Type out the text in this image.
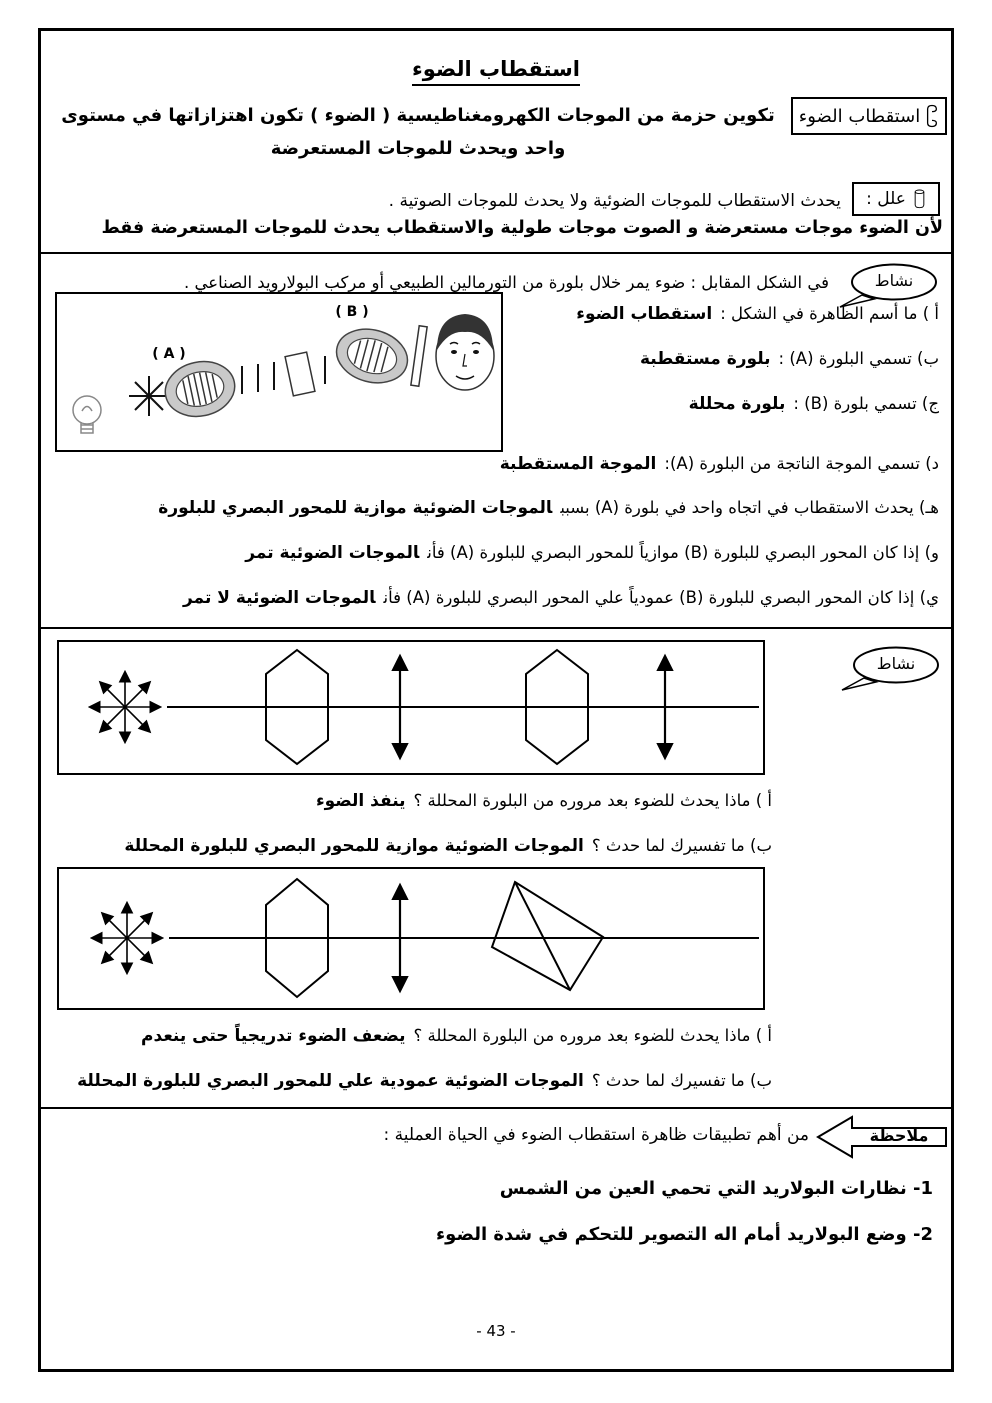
استقطاب الضوء
استقطاب الضوء
تكوين حزمة من الموجات الكهرومغناطيسية ( الضوء ) تكون اهتزازاتها في مستوى واحد ويحدث للموجات المستعرضة
علل :
يحدث الاستقطاب للموجات الضوئية ولا يحدث للموجات الصوتية .
لأن الضوء موجات مستعرضة و الصوت موجات طولية والاستقطاب يحدث للموجات المستعرضة فقط
نشاط
في الشكل المقابل : ضوء يمر خلال بلورة من التورمالين الطبيعي أو مركب البولارويد الصناعي .
( A )
( B )	أ ) ما أسم الظاهرة في الشكل :استقطاب الضوء
ب) تسمي البلورة (A) :بلورة مستقطبة
ج) تسمي بلورة (B) :بلورة محللة
د) تسمي الموجة الناتجة من البلورة (A):الموجة المستقطبة
هـ) يحدث الاستقطاب في اتجاه واحد في بلورة (A) بسببالموجات الضوئية موازية للمحور البصري للبلورة
و) إذا كان المحور البصري للبلورة (B) موازياً للمحور البصري للبلورة (A) فأنالموجات الضوئية تمر
ي) إذا كان المحور البصري للبلورة (B) عمودياً علي المحور البصري للبلورة (A) فأنالموجات الضوئية لا تمر
نشاط
أ ) ماذا يحدث للضوء بعد مروره من البلورة المحللة ؟ينفذ الضوء
ب) ما تفسيرك لما حدث ؟الموجات الضوئية موازية للمحور البصري للبلورة المحللة
أ ) ماذا يحدث للضوء بعد مروره من البلورة المحللة ؟يضعف الضوء تدريجياً حتى ينعدم
ب) ما تفسيرك لما حدث ؟الموجات الضوئية عمودية علي للمحور البصري للبلورة المحللة
ملاحظة
من أهم تطبيقات ظاهرة استقطاب الضوء في الحياة العملية :
1- نظارات البولاريد التي تحمي العين من الشمس
2- وضع البولاريد أمام اله التصوير للتحكم في شدة الضوء
- 43 -
